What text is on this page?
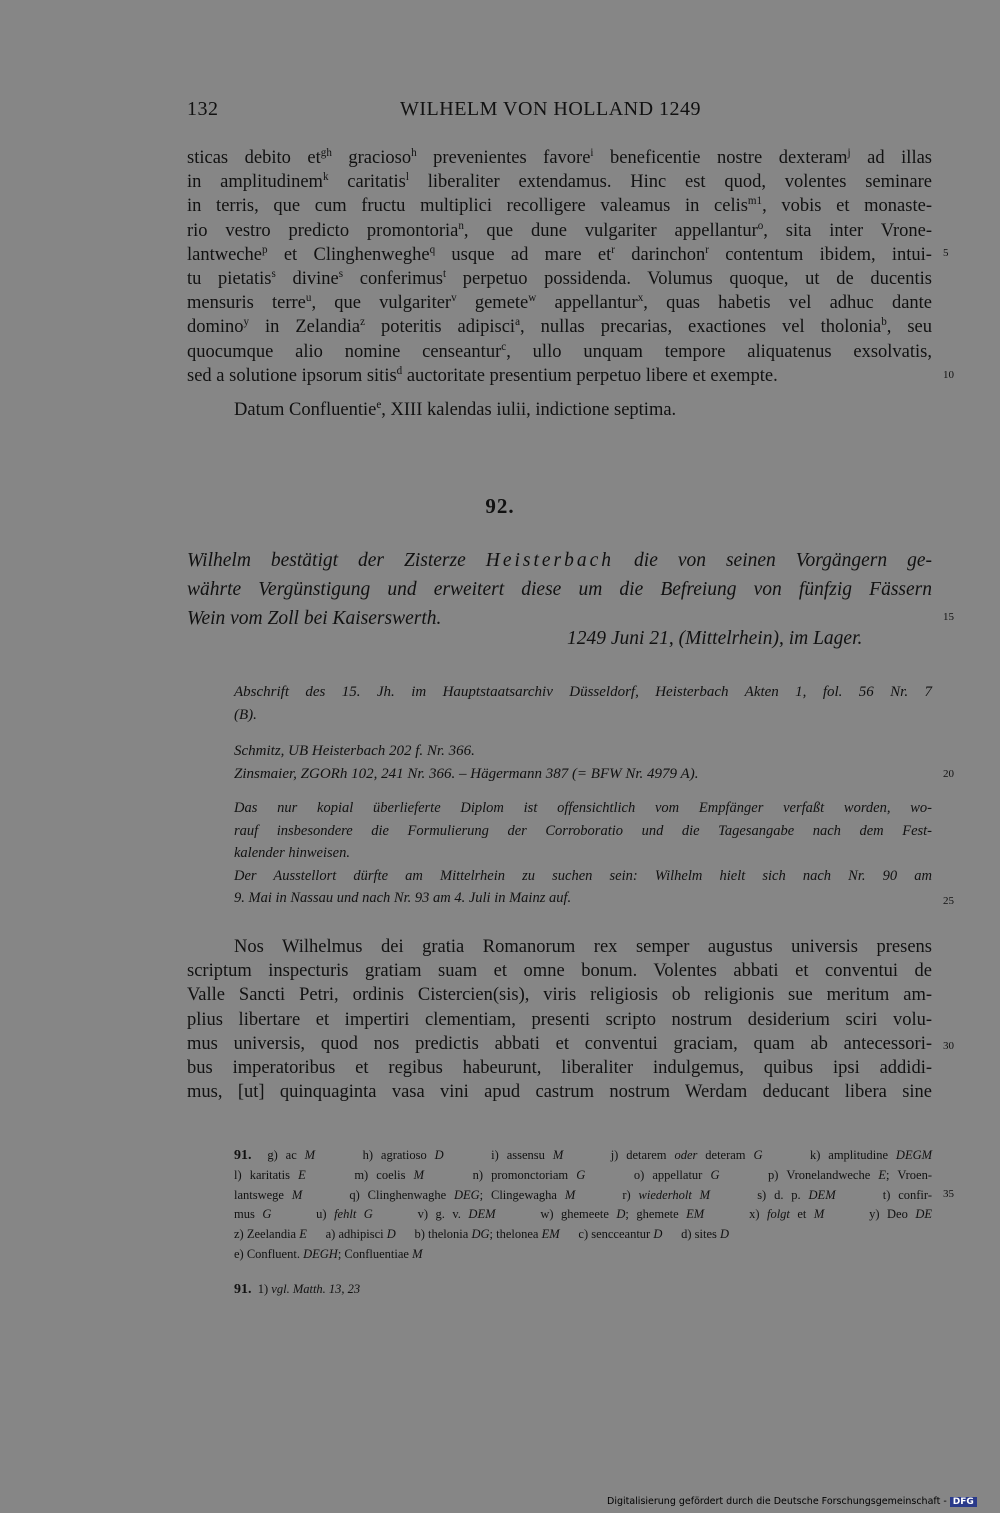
132	WILHELM VON HOLLAND 1249
sticas debito $et^{gh}$ gracioso$^h$ prevenientes favore$^i$ beneficentie nostre dexteram$^j$ ad illas
in amplitudinem$^k$ caritatis$^l$ liberaliter extendamus. Hinc est quod, volentes seminare
in terris, que cum fructu multiplici recolligere valeamus in celis$^{m1}$, vobis et monaste-
rio vestro predicto promontoria$^n$, que dune vulgariter appellantur$^o$, sita inter Vrone-
lantweche$^p$ et Clinghenweghe$^q$ usque ad mare $et^r$ darinchon$^r$ contentum ibidem, intui-
tu pietatis$^s$ divine$^s$ conferimus$^t$ perpetuo possidenda. Volumus quoque, ut de ducentis
mensuris terre$^u$, que vulgariter$^v$ gemete$^w$ appellantur$^x$, quas habetis vel adhuc dante
domino$^y$ in Zelandia$^z$ poteritis adipisci$^a$, nullas precarias, exactiones vel tholonia$^b$, seu
quocumque alio nomine censeantur$^c$, ullo unquam tempore aliquatenus exsolvatis,
sed a solutione ipsorum sitis$^d$ auctoritate presentium perpetuo libere et exempte.
Datum Confluentie$^e$, XIII kalendas iulii, indictione septima.
92.
Wilhelm bestätigt der Zisterze Heisterbach die von seinen Vorgängern ge-
währte Vergünstigung und erweitert diese um die Befreiung von fünfzig Fässern
Wein vom Zoll bei Kaiserswerth.
1249 Juni 21, (Mittelrhein), im Lager.
Abschrift des 15. Jh. im Hauptstaatsarchiv Düsseldorf, Heisterbach Akten 1, fol. 56 Nr. 7
(B).
Schmitz, UB Heisterbach 202 f. Nr. 366.
Zinsmaier, ZGORh 102, 241 Nr. 366. – Hägermann 387 (= BFW Nr. 4979 A).
Das nur kopial überlieferte Diplom ist offensichtlich vom Empfänger verfaßt worden, wo-
rauf insbesondere die Formulierung der Corroboratio und die Tagesangabe nach dem Fest-
kalender hinweisen.
Der Ausstellort dürfte am Mittelrhein zu suchen sein: Wilhelm hielt sich nach Nr. 90 am
9. Mai in Nassau und nach Nr. 93 am 4. Juli in Mainz auf.
Nos Wilhelmus dei gratia Romanorum rex semper augustus universis presens
scriptum inspecturis gratiam suam et omne bonum. Volentes abbati et conventui de
Valle Sancti Petri, ordinis Cistercien(sis), viris religiosis ob religionis sue meritum am-
plius libertare et impertiri clementiam, presenti scripto nostrum desiderium sciri volu-
mus universis, quod nos predictis abbati et conventui graciam, quam ab antecessori-
bus imperatoribus et regibus habeurunt, liberaliter indulgemus, quibus ipsi addidi-
mus, [ut] quinquaginta vasa vini apud castrum nostrum Werdam deducant libera sine
91.  g) ac M      h) agratioso D      i) assensu M      j) detarem oder deteram G      k) amplitudine DEGM
l) karitatis E      m) coelis M      n) promonctoriam G      o) appellatur G      p) Vronelandweche E; Vroen-
lantswege M      q) Clinghenwaghe DEG; Clingewagha M      r) wiederholt M      s) d. p. DEM      t) confir-
mus G      u) fehlt G      v) g. v. DEM      w) ghemeete D; ghemete EM      x) folgt et M      y) Deo DE
z) Zeelandia E      a) adhipisci D      b) thelonia DG; thelonea EM      c) sencceantur D      d) sites D
e) Confluent. DEGH; Confluentiae M
91.  1) vgl. Matth. 13, 23
5
10
15
20
25
30
35
Digitalisierung gefördert durch die Deutsche Forschungsgemeinschaft - DFG
